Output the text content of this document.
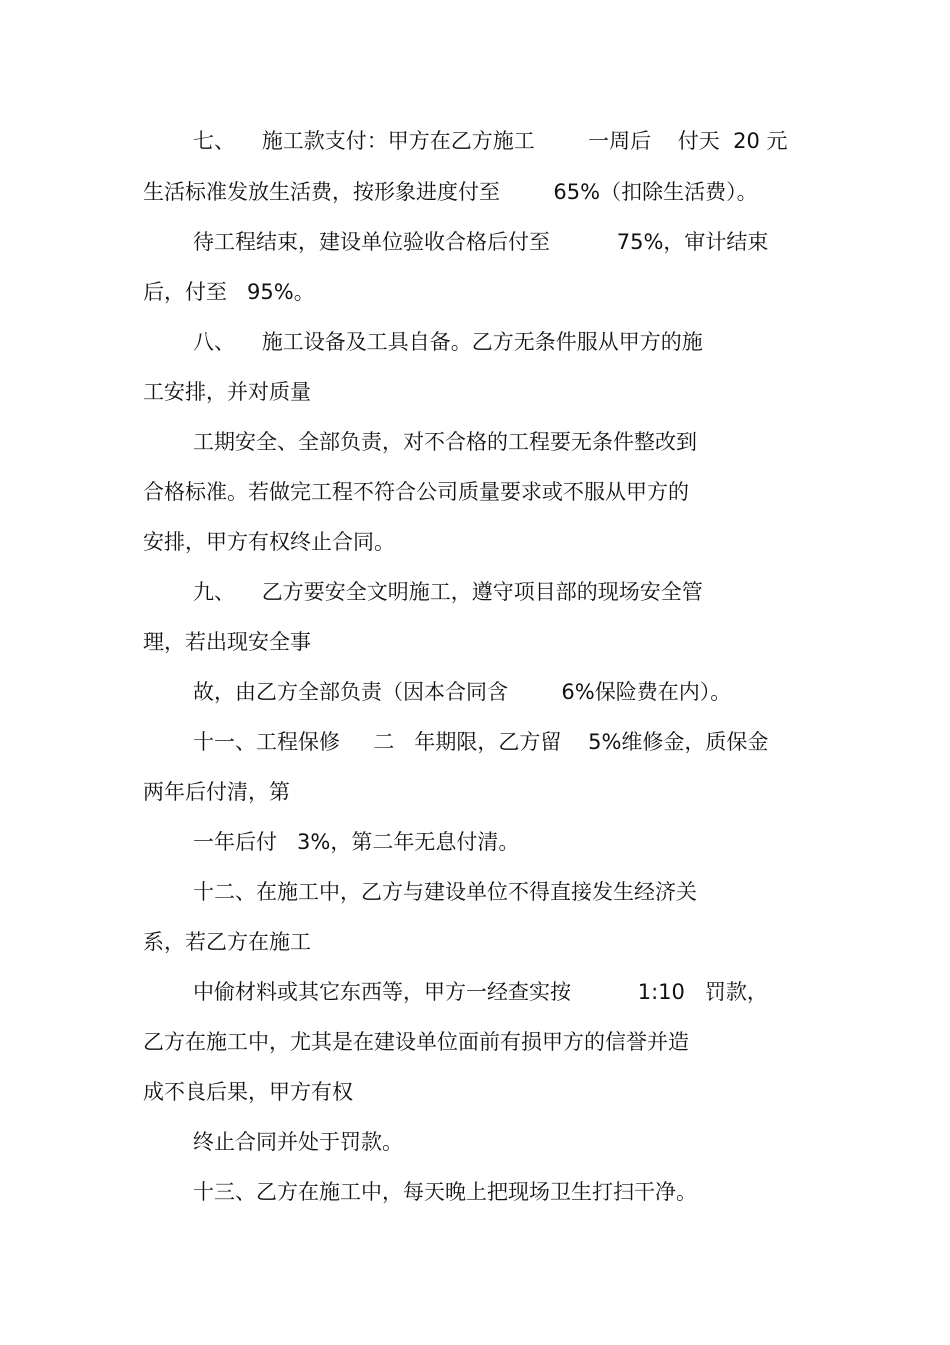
七、    施工款支付：甲方在乙方施工        一周后    付天  20 元
生活标准发放生活费，按形象进度付至        65%（扣除生活费）。
待工程结束，建设单位验收合格后付至          75%，审计结束
后，付至   95%。
八、    施工设备及工具自备。乙方无条件服从甲方的施
工安排，并对质量
工期安全、全部负责，对不合格的工程要无条件整改到
合格标准。若做完工程不符合公司质量要求或不服从甲方的
安排，甲方有权终止合同。
九、    乙方要安全文明施工，遵守项目部的现场安全管
理，若出现安全事
故，由乙方全部负责（因本合同含        6%保险费在内）。
十一、工程保修     二   年期限，乙方留    5%维修金，质保金
两年后付清，第
一年后付   3%，第二年无息付清。
十二、在施工中，乙方与建设单位不得直接发生经济关
系，若乙方在施工
中偷材料或其它东西等，甲方一经查实按          1:10   罚款，
乙方在施工中，尤其是在建设单位面前有损甲方的信誉并造
成不良后果，甲方有权
终止合同并处于罚款。
十三、乙方在施工中，每天晚上把现场卫生打扫干净。
